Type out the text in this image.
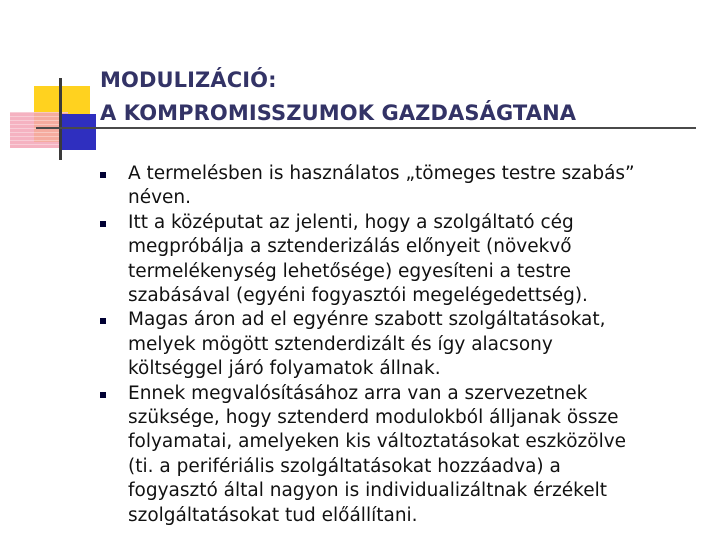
MODULIZÁCIÓ:
A KOMPROMISSZUMOK GAZDASÁGTANA
A termelésben is használatos „tömeges testre szabás”
néven.
Itt a középutat az jelenti, hogy a szolgáltató cég
megpróbálja a sztenderizálás előnyeit (növekvő
termelékenység lehetősége) egyesíteni a testre
szabásával (egyéni fogyasztói megelégedettség).
Magas áron ad el egyénre szabott szolgáltatásokat,
melyek mögött sztenderdizált és így alacsony
költséggel járó folyamatok állnak.
Ennek megvalósításához arra van a szervezetnek
szüksége, hogy sztenderd modulokból álljanak össze
folyamatai, amelyeken kis változtatásokat eszközölve
(ti. a perifériális szolgáltatásokat hozzáadva) a
fogyasztó által nagyon is individualizáltnak érzékelt
szolgáltatásokat tud előállítani.
